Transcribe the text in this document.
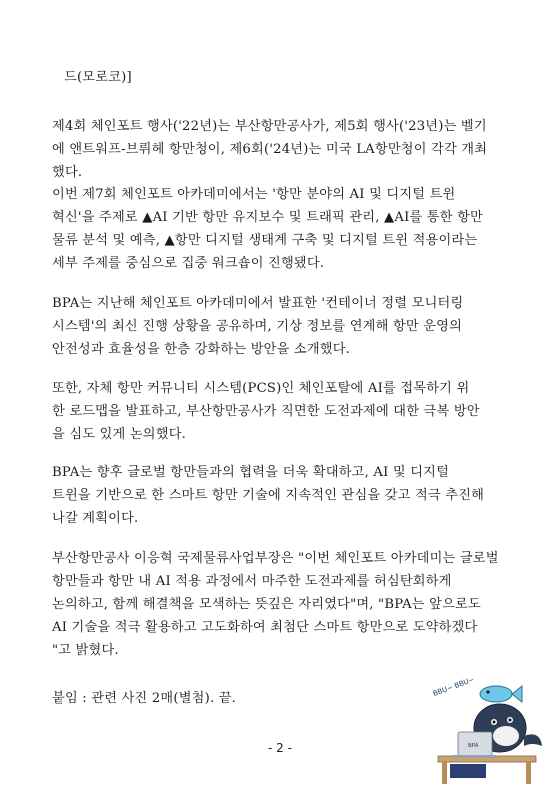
드(모로코)]
제4회 체인포트 행사('22년)는 부산항만공사가, 제5회 행사('23년)는 벨기
에 앤트워프-브뤼헤 항만청이, 제6회('24년)는 미국 LA항만청이 각각 개최
했다.
이번 제7회 체인포트 아카데미에서는 '항만 분야의 AI 및 디지털 트윈
혁신'을 주제로 ▲AI 기반 항만 유지보수 및 트래픽 관리, ▲AI를 통한 항만
물류 분석 및 예측, ▲항만 디지털 생태계 구축 및 디지털 트윈 적용이라는
세부 주제를 중심으로 집중 워크숍이 진행됐다.
BPA는 지난해 체인포트 아카데미에서 발표한 '컨테이너 정렬 모니터링
시스템'의 최신 진행 상황을 공유하며, 기상 정보를 연계해 항만 운영의
안전성과 효율성을 한층 강화하는 방안을 소개했다.
또한, 자체 항만 커뮤니티 시스템(PCS)인 체인포탈에 AI를 접목하기 위
한 로드맵을 발표하고, 부산항만공사가 직면한 도전과제에 대한 극복 방안
을 심도 있게 논의했다.
BPA는 향후 글로벌 항만들과의 협력을 더욱 확대하고, AI 및 디지털
트윈을 기반으로 한 스마트 항만 기술에 지속적인 관심을 갖고 적극 추진해
나갈 계획이다.
부산항만공사 이응혁 국제물류사업부장은 "이번 체인포트 아카데미는 글로벌
항만들과 항만 내 AI 적용 과정에서 마주한 도전과제를 허심탄회하게
논의하고, 함께 해결책을 모색하는 뜻깊은 자리였다"며, "BPA는 앞으로도
AI 기술을 적극 활용하고 고도화하여 최첨단 스마트 항만으로 도약하겠다
"고 밝혔다.
붙임 : 관련 사진 2매(별첨). 끝.
BBU~ BBU~
BPA
- 2 -
